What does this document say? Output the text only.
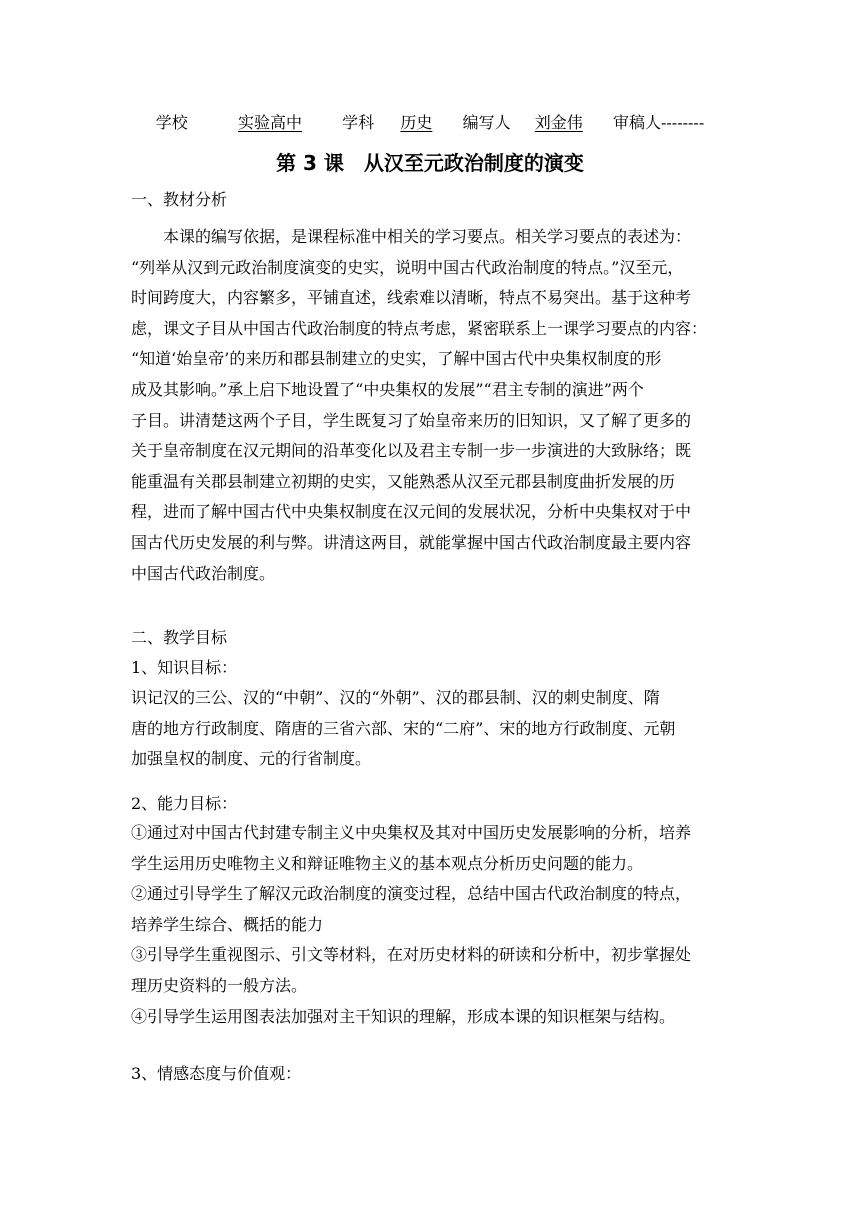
学校	实验高中	学科 历史 编写人 刘金伟 审稿人--------
第 3 课　从汉至元政治制度的演变
一、教材分析

　　本课的编写依据，是课程标准中相关的学习要点。相关学习要点的表述为：

“列举从汉到元政治制度演变的史实，说明中国古代政治制度的特点。”汉至元，

时间跨度大，内容繁多，平铺直述，线索难以清晰，特点不易突出。基于这种考

虑，课文子目从中国古代政治制度的特点考虑，紧密联系上一课学习要点的内容：

“知道‘始皇帝’的来历和郡县制建立的史实，了解中国古代中央集权制度的形

成及其影响。”承上启下地设置了“中央集权的发展”“君主专制的演进”两个

子目。讲清楚这两个子目，学生既复习了始皇帝来历的旧知识，又了解了更多的

关于皇帝制度在汉元期间的沿革变化以及君主专制一步一步演进的大致脉络；既

能重温有关郡县制建立初期的史实，又能熟悉从汉至元郡县制度曲折发展的历

程，进而了解中国古代中央集权制度在汉元间的发展状况，分析中央集权对于中

国古代历史发展的利与弊。讲清这两目，就能掌握中国古代政治制度最主要内容

中国古代政治制度。

二、教学目标
1、知识目标：

识记汉的三公、汉的“中朝”、汉的“外朝”、汉的郡县制、汉的刺史制度、隋

唐的地方行政制度、隋唐的三省六部、宋的“二府”、宋的地方行政制度、元朝

加强皇权的制度、元的行省制度。

2、能力目标：

①通过对中国古代封建专制主义中央集权及其对中国历史发展影响的分析，培养

学生运用历史唯物主义和辩证唯物主义的基本观点分析历史问题的能力。

②通过引导学生了解汉元政治制度的演变过程，总结中国古代政治制度的特点，

培养学生综合、概括的能力

③引导学生重视图示、引文等材料，在对历史材料的研读和分析中，初步掌握处

理历史资料的一般方法。

④引导学生运用图表法加强对主干知识的理解，形成本课的知识框架与结构。

3、情感态度与价值观：
